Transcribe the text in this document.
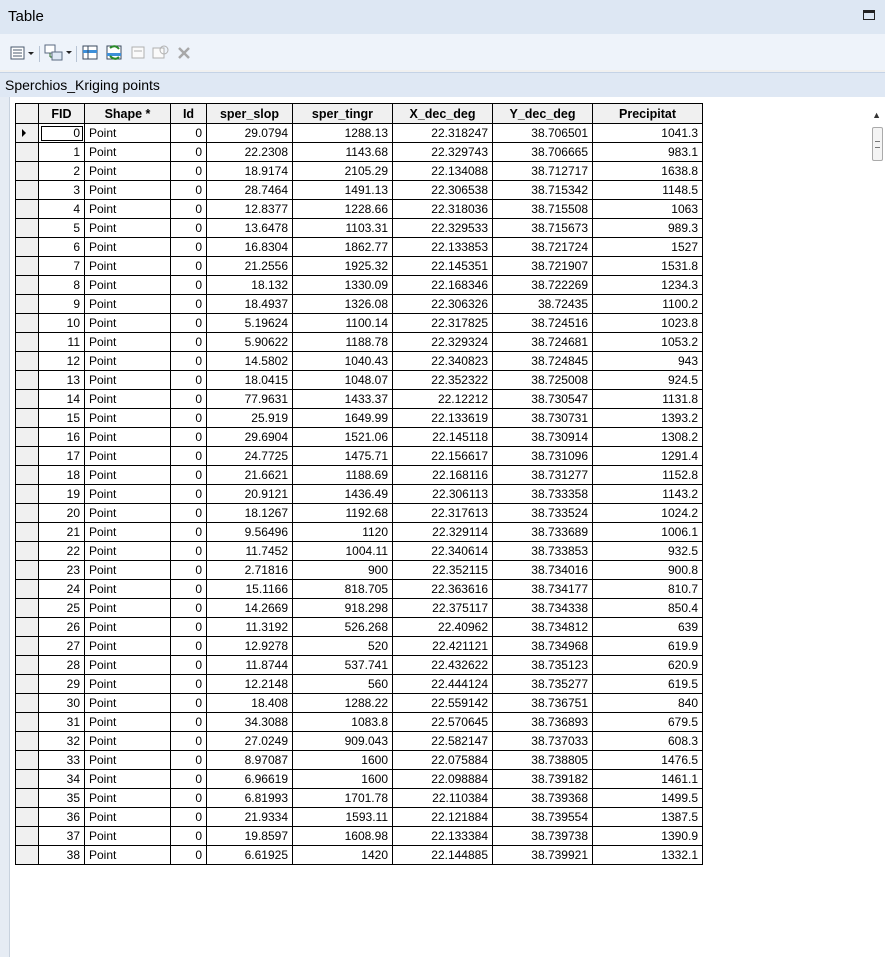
Table
Sperchios_Kriging points
	FID	Shape *	Id	sper_slop	sper_tingr	X_dec_deg	Y_dec_deg	Precipitat

	0	Point	0	29.0794	1288.13	22.318247	38.706501	1041.3
	1	Point	0	22.2308	1143.68	22.329743	38.706665	983.1
	2	Point	0	18.9174	2105.29	22.134088	38.712717	1638.8
	3	Point	0	28.7464	1491.13	22.306538	38.715342	1148.5
	4	Point	0	12.8377	1228.66	22.318036	38.715508	1063
	5	Point	0	13.6478	1103.31	22.329533	38.715673	989.3
	6	Point	0	16.8304	1862.77	22.133853	38.721724	1527
	7	Point	0	21.2556	1925.32	22.145351	38.721907	1531.8
	8	Point	0	18.132	1330.09	22.168346	38.722269	1234.3
	9	Point	0	18.4937	1326.08	22.306326	38.72435	1100.2
	10	Point	0	5.19624	1100.14	22.317825	38.724516	1023.8
	11	Point	0	5.90622	1188.78	22.329324	38.724681	1053.2
	12	Point	0	14.5802	1040.43	22.340823	38.724845	943
	13	Point	0	18.0415	1048.07	22.352322	38.725008	924.5
	14	Point	0	77.9631	1433.37	22.12212	38.730547	1131.8
	15	Point	0	25.919	1649.99	22.133619	38.730731	1393.2
	16	Point	0	29.6904	1521.06	22.145118	38.730914	1308.2
	17	Point	0	24.7725	1475.71	22.156617	38.731096	1291.4
	18	Point	0	21.6621	1188.69	22.168116	38.731277	1152.8
	19	Point	0	20.9121	1436.49	22.306113	38.733358	1143.2
	20	Point	0	18.1267	1192.68	22.317613	38.733524	1024.2
	21	Point	0	9.56496	1120	22.329114	38.733689	1006.1
	22	Point	0	11.7452	1004.11	22.340614	38.733853	932.5
	23	Point	0	2.71816	900	22.352115	38.734016	900.8
	24	Point	0	15.1166	818.705	22.363616	38.734177	810.7
	25	Point	0	14.2669	918.298	22.375117	38.734338	850.4
	26	Point	0	11.3192	526.268	22.40962	38.734812	639
	27	Point	0	12.9278	520	22.421121	38.734968	619.9
	28	Point	0	11.8744	537.741	22.432622	38.735123	620.9
	29	Point	0	12.2148	560	22.444124	38.735277	619.5
	30	Point	0	18.408	1288.22	22.559142	38.736751	840
	31	Point	0	34.3088	1083.8	22.570645	38.736893	679.5
	32	Point	0	27.0249	909.043	22.582147	38.737033	608.3
	33	Point	0	8.97087	1600	22.075884	38.738805	1476.5
	34	Point	0	6.96619	1600	22.098884	38.739182	1461.1
	35	Point	0	6.81993	1701.78	22.110384	38.739368	1499.5
	36	Point	0	21.9334	1593.11	22.121884	38.739554	1387.5
	37	Point	0	19.8597	1608.98	22.133384	38.739738	1390.9
	38	Point	0	6.61925	1420	22.144885	38.739921	1332.1
▲
